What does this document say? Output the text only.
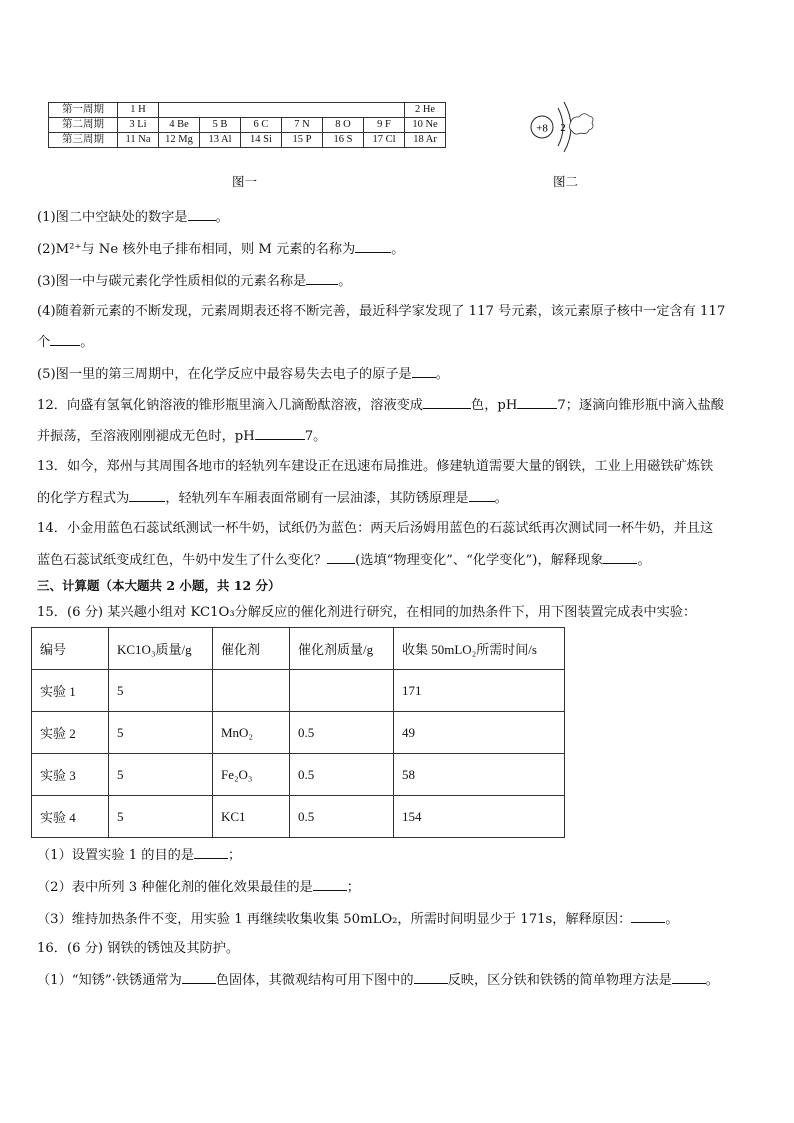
第一周期	1 H							2 He
第二周期	3 Li	4 Be	5 B	6 C	7 N	8 O	9 F	10 Ne
第三周期	11 Na	12 Mg	13 Al	14 Si	15 P	16 S	17 Cl	18 Ar
图一
+8 2
图二
(1)图二中空缺处的数字是 。
(2)M²⁺与 Ne 核外电子排布相同，则 M 元素的名称为	。
(3)图一中与碳元素化学性质相似的元素名称是 。
(4)随着新元素的不断发现，元素周期表还将不断完善，最近科学家发现了 117 号元素，该元素原子核中一定含有 117
个 。
(5)图一里的第三周期中，在化学反应中最容易失去电子的原子是 。
12．向盛有氢氧化钠溶液的锥形瓶里滴入几滴酚酞溶液，溶液变成	色，pH	7；逐滴向锥形瓶中滴入盐酸
并振荡，至溶液刚刚褪成无色时，pH	7。
13．如今，郑州与其周围各地市的轻轨列车建设正在迅速布局推进。修建轨道需要大量的钢铁，工业上用磁铁矿炼铁
的化学方程式为	，轻轨列车车厢表面常刷有一层油漆，其防锈原理是 。
14．小金用蓝色石蕊试纸测试一杯牛奶，试纸仍为蓝色：两天后汤姆用蓝色的石蕊试纸再次测试同一杯牛奶，并且这
蓝色石蕊试纸变成红色，牛奶中发生了什么变化？ (选填“物理变化”、“化学变化”)，解释现象	。
三、计算题（本大题共 2 小题，共 12 分）
15．(6 分) 某兴趣小组对 KC1O₃分解反应的催化剂进行研究，在相同的加热条件下，用下图装置完成表中实验：
编号	KC1O₃质量/g	催化剂	催化剂质量/g	收集 50mLO₂所需时间/s
实验 1	5			171
实验 2	5	MnO₂	0.5	49
实验 3	5	Fe₂O₃	0.5	58
实验 4	5	KC1	0.5	154
（1）设置实验 1 的目的是	；
（2）表中所列 3 种催化剂的催化效果最佳的是	；
（3）维持加热条件不变，用实验 1 再继续收集收集 50mLO₂，所需时间明显少于 171s，解释原因：	。
16．(6 分) 钢铁的锈蚀及其防护。
（1）“知锈”·铁锈通常为	色固体，其微观结构可用下图中的	反映，区分铁和铁锈的简单物理方法是	。
